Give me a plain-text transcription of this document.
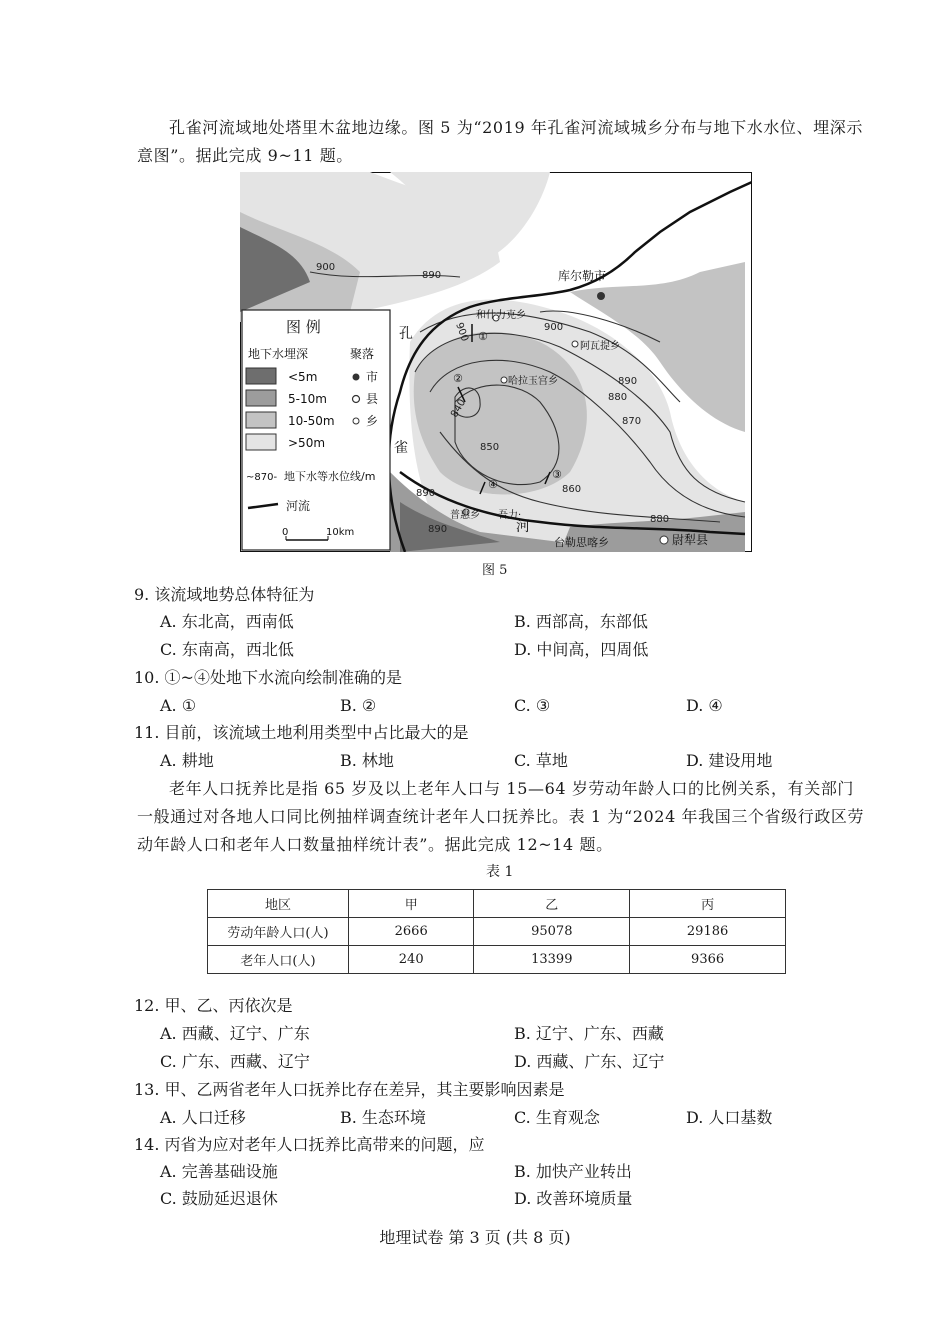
孔雀河流域地处塔里木盆地边缘。图 5 为“2019 年孔雀河流域城乡分布与地下水水位、埋深示意图”。据此完成 9~11 题。
库尔勒市
和什力克乡
阿瓦提乡
哈拉玉宫乡
普惠乡 吾力·
尉犁县
台勒思喀乡
900
890
900	900
890
880
870
860
850
840
890
890
880
①
②
③
④
孔
雀
河
图 例
地下水埋深	聚落
<5m
5-10m
10-50m
>50m
市
县
乡
~870- 地下水等水位线/m
河流
0	10km
图 5
9. 该流域地势总体特征为
A. 东北高，西南低	B. 西部高，东部低
C. 东南高，西北低	D. 中间高，四周低
10. ①~④处地下水流向绘制准确的是
A. ①	B. ②	C. ③	D. ④
11. 目前，该流域土地利用类型中占比最大的是
A. 耕地	B. 林地	C. 草地	D. 建设用地
老年人口抚养比是指 65 岁及以上老年人口与 15—64 岁劳动年龄人口的比例关系，有关部门一般通过对各地人口同比例抽样调查统计老年人口抚养比。表 1 为“2024 年我国三个省级行政区劳动年龄人口和老年人口数量抽样统计表”。据此完成 12~14 题。
表 1
地区	甲	乙	丙
劳动年龄人口(人)	2666	95078	29186
老年人口(人)	240	13399	9366
12. 甲、乙、丙依次是
A. 西藏、辽宁、广东	B. 辽宁、广东、西藏
C. 广东、西藏、辽宁	D. 西藏、广东、辽宁
13. 甲、乙两省老年人口抚养比存在差异，其主要影响因素是
A. 人口迁移	B. 生态环境	C. 生育观念	D. 人口基数
14. 丙省为应对老年人口抚养比高带来的问题，应
A. 完善基础设施	B. 加快产业转出
C. 鼓励延迟退休	D. 改善环境质量
地理试卷 第 3 页 (共 8 页)
